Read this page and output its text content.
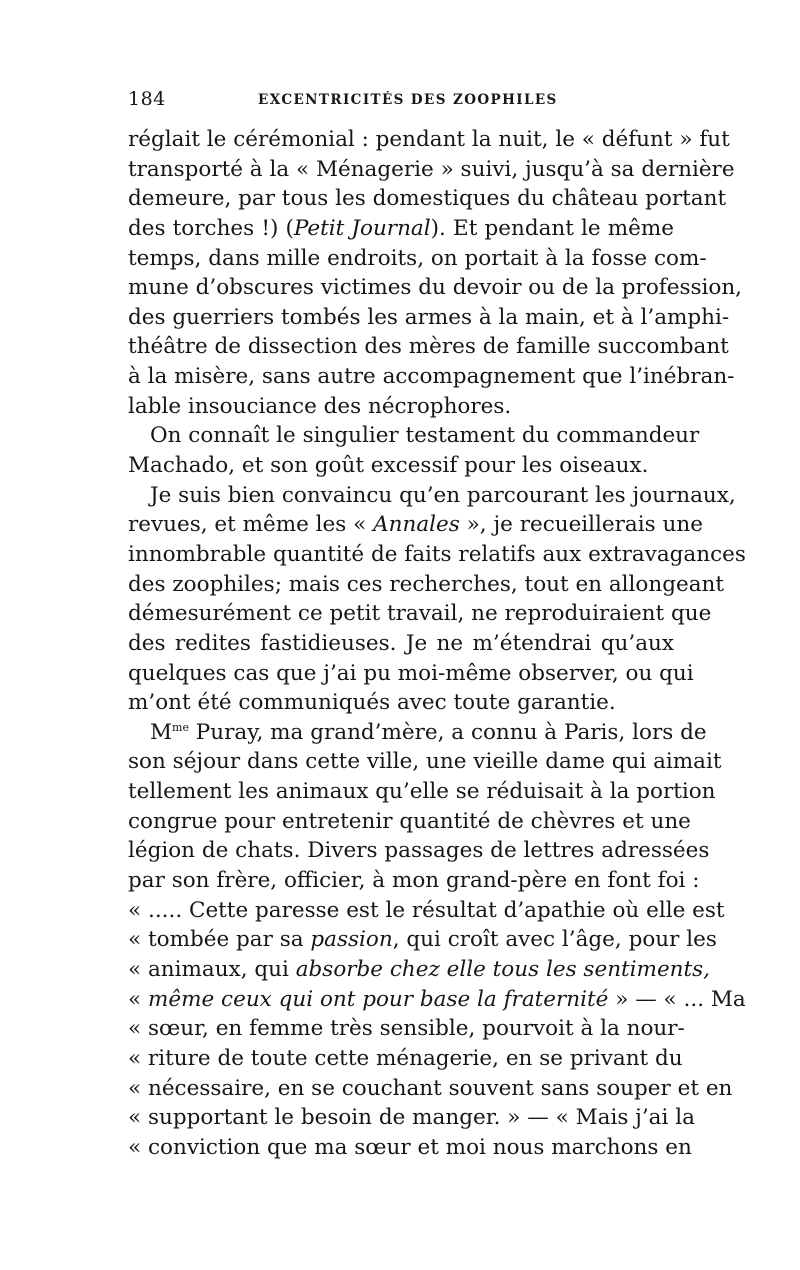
184	EXCENTRICITÉS DES ZOOPHILES
réglait le cérémonial : pendant la nuit, le « défunt » fut
transporté à la « Ménagerie » suivi, jusqu’à sa dernière
demeure, par tous les domestiques du château portant
des torches !) (Petit Journal). Et pendant le même
temps, dans mille endroits, on portait à la fosse com-
mune d’obscures victimes du devoir ou de la profession,
des guerriers tombés les armes à la main, et à l’amphi-
théâtre de dissection des mères de famille succombant
à la misère, sans autre accompagnement que l’inébran-
lable insouciance des nécrophores.
On connaît le singulier testament du commandeur
Machado, et son goût excessif pour les oiseaux.
Je suis bien convaincu qu’en parcourant les journaux,
revues, et même les « Annales », je recueillerais une
innombrable quantité de faits relatifs aux extravagances
des zoophiles; mais ces recherches, tout en allongeant
démesurément ce petit travail, ne reproduiraient que
des redites fastidieuses. Je ne m’étendrai qu’aux
quelques cas que j’ai pu moi-même observer, ou qui
m’ont été communiqués avec toute garantie.
$M^{me}$ Puray, ma grand’mère, a connu à Paris, lors de
son séjour dans cette ville, une vieille dame qui aimait
tellement les animaux qu’elle se réduisait à la portion
congrue pour entretenir quantité de chèvres et une
légion de chats. Divers passages de lettres adressées
par son frère, officier, à mon grand-père en font foi :
« ..... Cette paresse est le résultat d’apathie où elle est
« tombée par sa passion, qui croît avec l’âge, pour les
« animaux, qui absorbe chez elle tous les sentiments,
« même ceux qui ont pour base la fraternité » — « ... Ma
« sœur, en femme très sensible, pourvoit à la nour-
« riture de toute cette ménagerie, en se privant du
« nécessaire, en se couchant souvent sans souper et en
« supportant le besoin de manger. » — « Mais j’ai la
« conviction que ma sœur et moi nous marchons en
